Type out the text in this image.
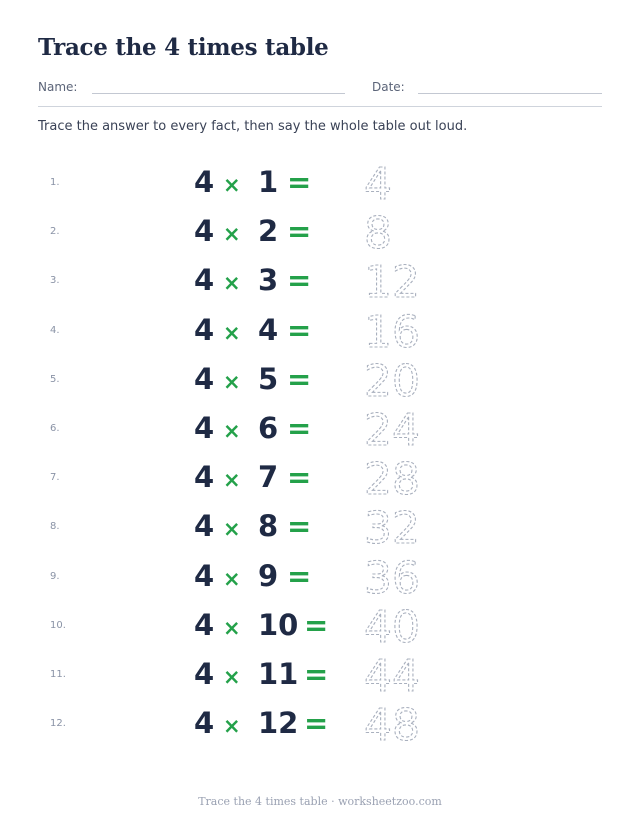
Trace the 4 times table
Name:	Date:
Trace the answer to every fact, then say the whole table out loud.
1.	4 × 1 = 4
2.	4 × 2 = 8
3.	4 × 3 = 12
4.	4 × 4 = 16
5.	4 × 5 = 20
6.	4 × 6 = 24
7.	4 × 7 = 28
8.	4 × 8 = 32
9.	4 × 9 = 36
10.	4 × 10 = 40
11.	4 × 11 = 44
12.	4 × 12 = 48
Trace the 4 times table · worksheetzoo.com
